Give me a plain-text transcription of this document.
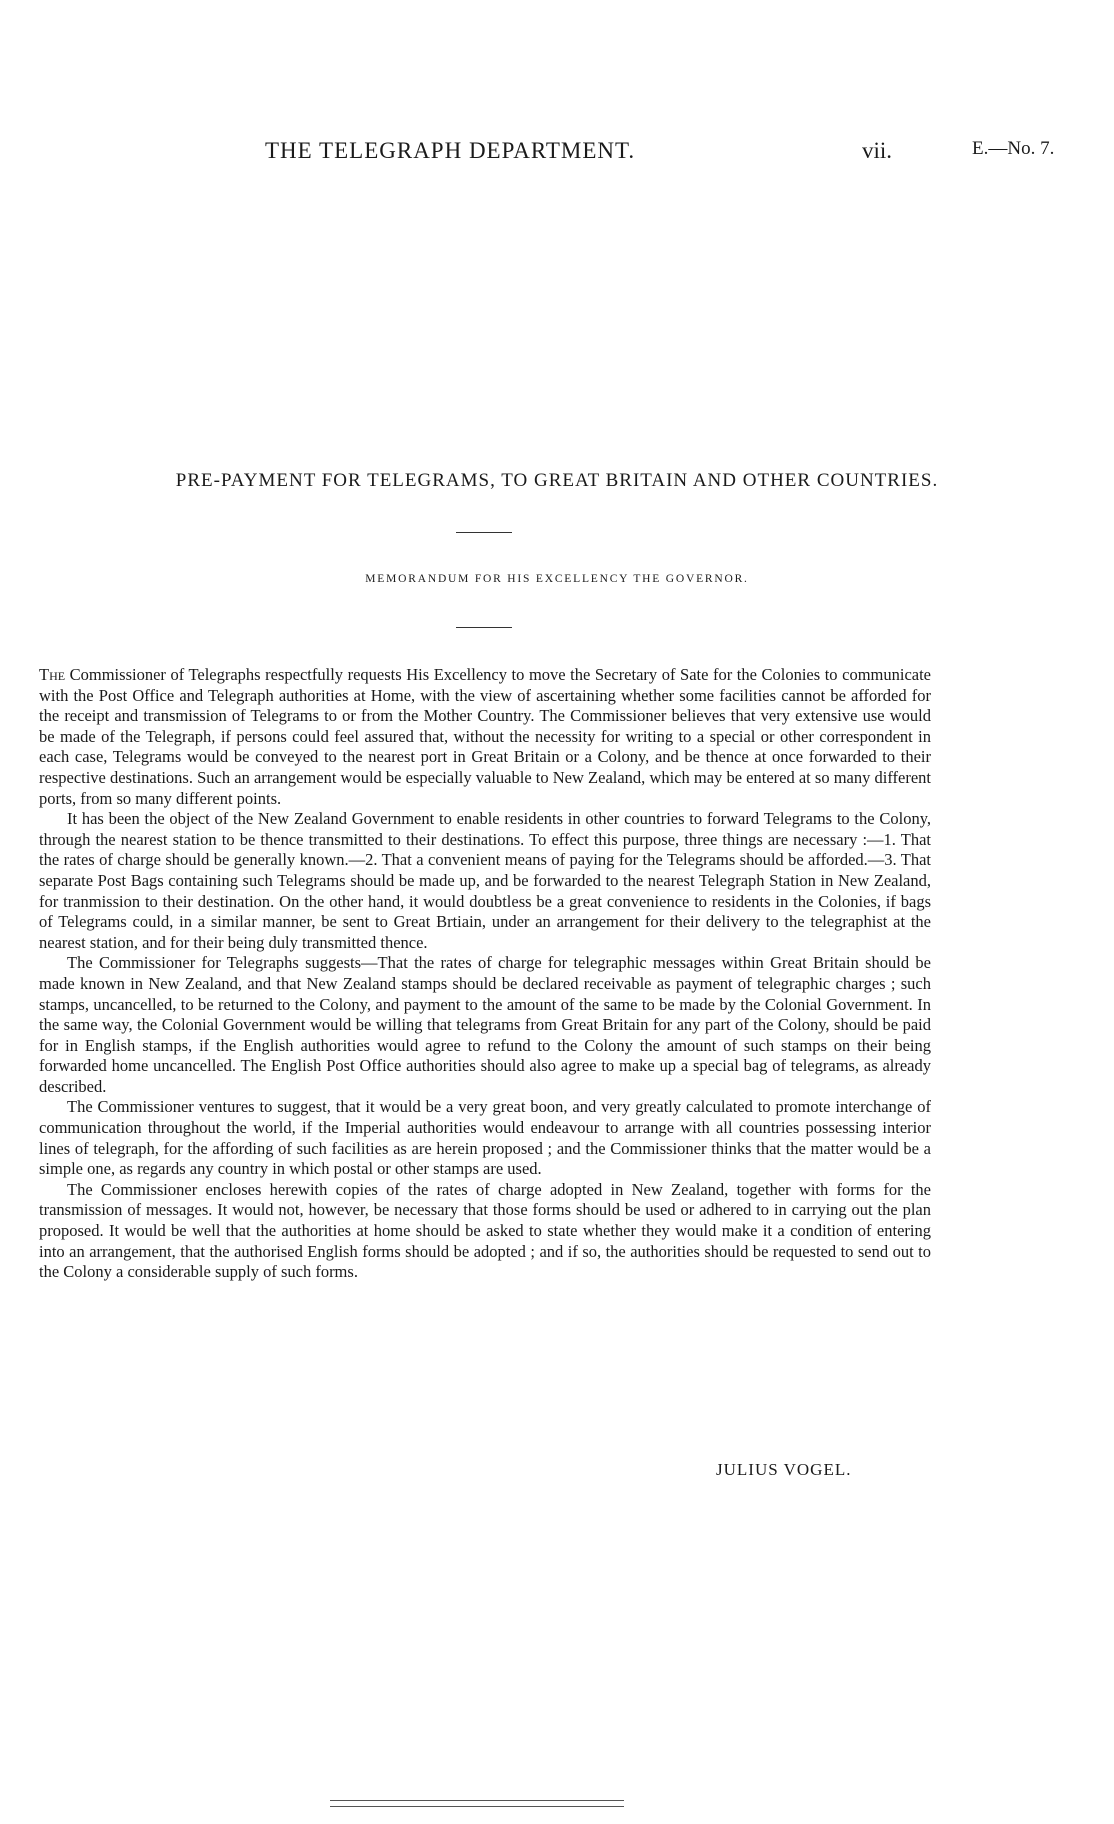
THE TELEGRAPH DEPARTMENT.	vii.	E.—No. 7.
PRE-PAYMENT FOR TELEGRAMS, TO GREAT BRITAIN AND OTHER COUNTRIES.
MEMORANDUM FOR HIS EXCELLENCY THE GOVERNOR.

The Commissioner of Telegraphs respectfully requests His Excellency to move the Secretary of Sate for the Colonies to communicate with the Post Office and Telegraph authorities at Home, with the view of ascertaining whether some facilities cannot be afforded for the receipt and transmission of Telegrams to or from the Mother Country. The Commissioner believes that very extensive use would be made of the Telegraph, if persons could feel assured that, without the necessity for writing to a special or other correspondent in each case, Telegrams would be conveyed to the nearest port in Great Britain or a Colony, and be thence at once forwarded to their respective destinations. Such an arrangement would be especially valuable to New Zealand, which may be entered at so many different ports, from so many different points.

It has been the object of the New Zealand Government to enable residents in other countries to forward Telegrams to the Colony, through the nearest station to be thence transmitted to their destinations. To effect this purpose, three things are necessary :—1. That the rates of charge should be generally known.—2. That a convenient means of paying for the Telegrams should be afforded.—3. That separate Post Bags containing such Telegrams should be made up, and be forwarded to the nearest Telegraph Station in New Zealand, for tranmission to their destination. On the other hand, it would doubtless be a great convenience to residents in the Colonies, if bags of Telegrams could, in a similar manner, be sent to Great Brtiain, under an arrangement for their delivery to the telegraphist at the nearest station, and for their being duly transmitted thence.

The Commissioner for Telegraphs suggests—That the rates of charge for telegraphic messages within Great Britain should be made known in New Zealand, and that New Zealand stamps should be declared receivable as payment of telegraphic charges ; such stamps, uncancelled, to be returned to the Colony, and payment to the amount of the same to be made by the Colonial Government. In the same way, the Colonial Government would be willing that telegrams from Great Britain for any part of the Colony, should be paid for in English stamps, if the English authorities would agree to refund to the Colony the amount of such stamps on their being forwarded home uncancelled. The English Post Office authorities should also agree to make up a special bag of telegrams, as already described.

The Commissioner ventures to suggest, that it would be a very great boon, and very greatly calculated to promote interchange of communication throughout the world, if the Imperial authorities would endeavour to arrange with all countries possessing interior lines of telegraph, for the affording of such facilities as are herein proposed ; and the Commissioner thinks that the matter would be a simple one, as regards any country in which postal or other stamps are used.

The Commissioner encloses herewith copies of the rates of charge adopted in New Zealand, together with forms for the transmission of messages. It would not, however, be necessary that those forms should be used or adhered to in carrying out the plan proposed. It would be well that the authorities at home should be asked to state whether they would make it a condition of entering into an arrangement, that the authorised English forms should be adopted ; and if so, the authorities should be requested to send out to the Colony a considerable supply of such forms.

JULIUS VOGEL.
